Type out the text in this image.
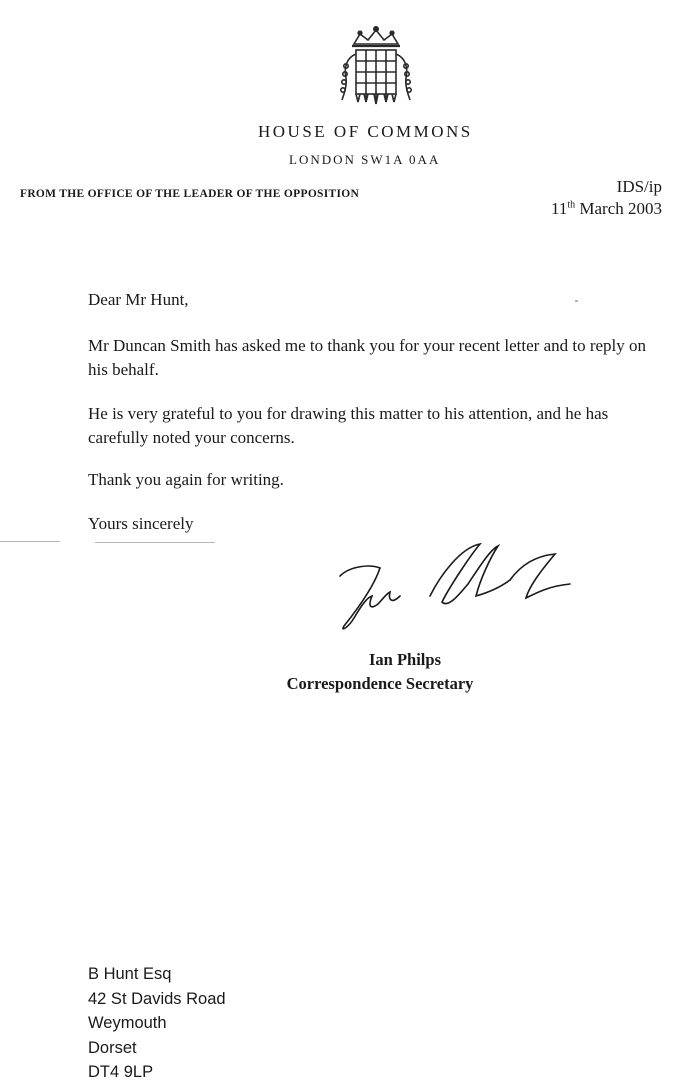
HOUSE OF COMMONS
LONDON SW1A 0AA
FROM THE OFFICE OF THE LEADER OF THE OPPOSITION	IDS/ip
11th March 2003
Dear Mr Hunt,
Mr Duncan Smith has asked me to thank you for your recent letter and to reply on his behalf.
He is very grateful to you for drawing this matter to his attention, and he has carefully noted your concerns.
Thank you again for writing.
Yours sincerely
Ian Philps
Correspondence Secretary
B Hunt Esq
42 St Davids Road
Weymouth
Dorset
DT4 9LP
